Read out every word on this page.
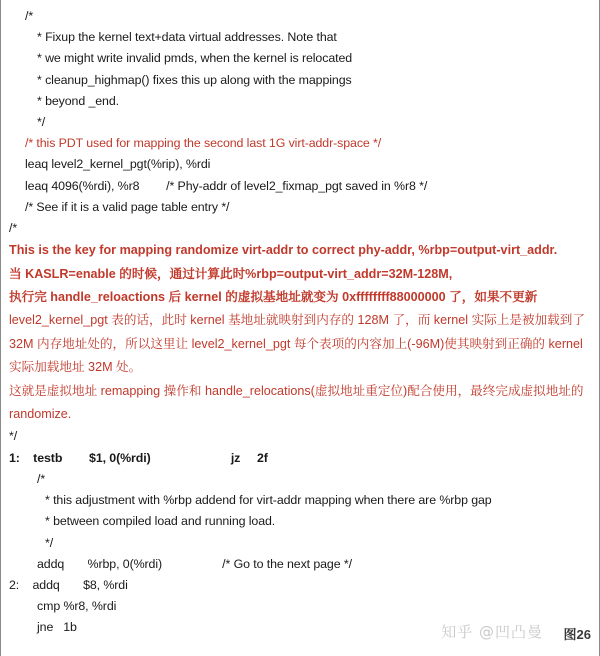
/*
* Fixup the kernel text+data virtual addresses. Note that
* we might write invalid pmds, when the kernel is relocated
* cleanup_highmap() fixes this up along with the mappings
* beyond _end.
*/
/* this PDT used for mapping the second last 1G virt-addr-space */
leaq level2_kernel_pgt(%rip), %rdi
leaq 4096(%rdi), %r8        /* Phy-addr of level2_fixmap_pgt saved in %r8 */
/* See if it is a valid page table entry */
/*
This is the key for mapping randomize virt-addr to correct phy-addr, %rbp=output-virt_addr.
当 KASLR=enable 的时候，通过计算此时%rbp=output-virt_addr=32M-128M,
执行完 handle_reloactions 后 kernel 的虚拟基地址就变为 0xffffffff88000000 了，如果不更新
level2_kernel_pgt 表的话，此时 kernel 基地址就映射到内存的 128M 了，而 kernel 实际上是被加载到了 32M 内存地址处的，所以这里让 level2_kernel_pgt 每个表项的内容加上(-96M)使其映射到正确的 kernel 实际加载地址 32M 处。
这就是虚拟地址 remapping 操作和 handle_relocations(虚拟地址重定位)配合使用，最终完成虚拟地址的 randomize.
*/
1:    testb        $1, 0(%rdi)                        jz     2f
/*
* this adjustment with %rbp addend for virt-addr mapping when there are %rbp gap
* between compiled load and running load.
*/
addq       %rbp, 0(%rdi)                  /* Go to the next page */
2:    addq       $8, %rdi
cmp %r8, %rdi
jne   1b	知乎 @凹凸曼 图26
